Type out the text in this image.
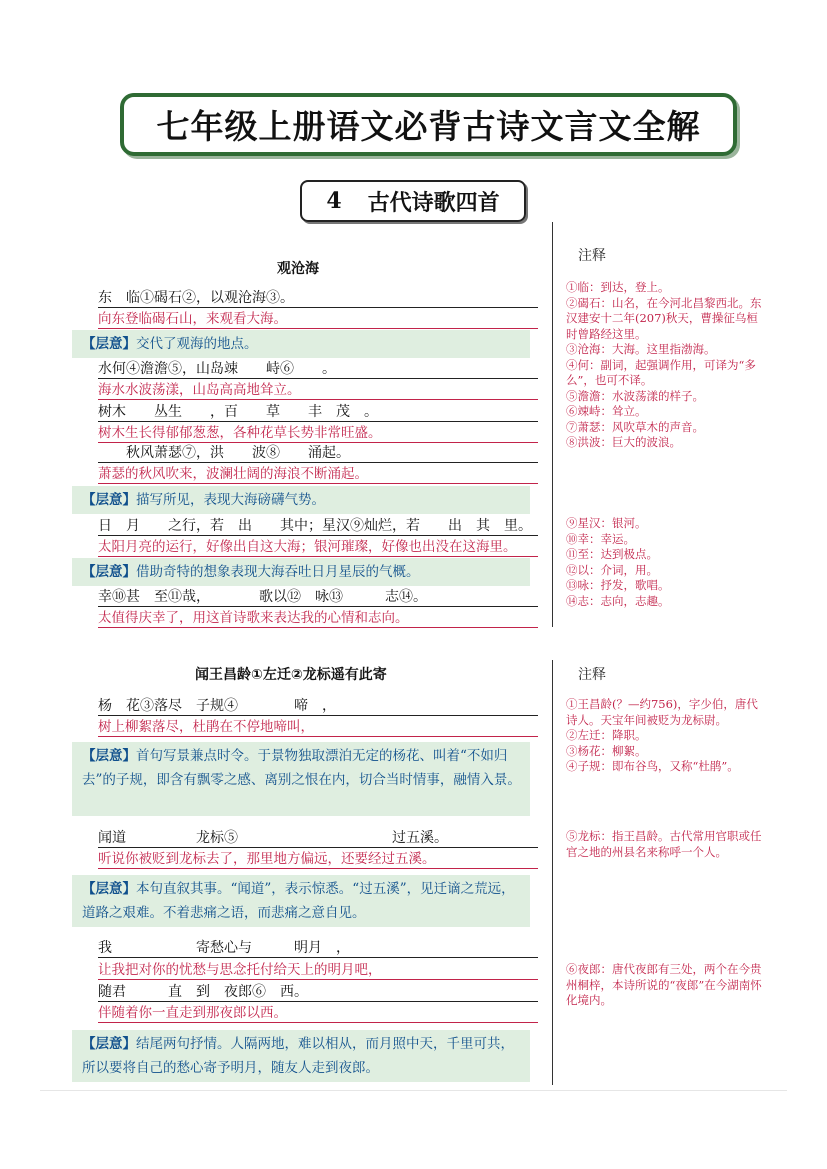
七年级上册语文必背古诗文言文全解
4 古代诗歌四首
观沧海
东　临①碣石②，以观沧海③。
向东登临碣石山，来观看大海。
【层意】交代了观海的地点。
水何④澹澹⑤，山岛竦　　峙⑥　　。
海水水波荡漾，山岛高高地耸立。
树木　　丛生　　，百　　草　　丰　茂　。
树木生长得郁郁葱葱，各种花草长势非常旺盛。
　　秋风萧瑟⑦，洪　　波⑧　　涌起。
萧瑟的秋风吹来，波澜壮阔的海浪不断涌起。
【层意】描写所见，表现大海磅礴气势。
日　月　　之行，若　出　　其中；星汉⑨灿烂，若　　出　其　里。
太阳月亮的运行，好像出自这大海；银河璀璨，好像也出没在这海里。
【层意】借助奇特的想象表现大海吞吐日月星辰的气概。
幸⑩甚　至⑪哉，　　　　歌以⑫　咏⑬　　　志⑭。
太值得庆幸了，用这首诗歌来表达我的心情和志向。
注释
①临：到达，登上。
②碣石：山名，在今河北昌黎西北。东汉建安十二年(207)秋天，曹操征乌桓时曾路经这里。
③沧海：大海。这里指渤海。
④何：副词，起强调作用，可译为“多么”，也可不译。
⑤澹澹：水波荡漾的样子。
⑥竦峙：耸立。
⑦萧瑟：风吹草木的声音。
⑧洪波：巨大的波浪。
⑨星汉：银河。
⑩幸：幸运。
⑪至：达到极点。
⑫以：介词，用。
⑬咏：抒发，歌唱。
⑭志：志向，志趣。
闻王昌龄①左迁②龙标遥有此寄
杨　花③落尽　子规④　　　　啼　，
树上柳絮落尽，杜鹃在不停地啼叫，
【层意】首句写景兼点时令。于景物独取漂泊无定的杨花、叫着“不如归去”的子规，即含有飘零之感、离别之恨在内，切合当时情事，融情入景。
闻道　　　　　龙标⑤　　　　　　　　　　　过五溪。
听说你被贬到龙标去了，那里地方偏远，还要经过五溪。
【层意】本句直叙其事。“闻道”，表示惊悉。“过五溪”，见迁谪之荒远，道路之艰难。不着悲痛之语，而悲痛之意自见。
我　　　　　　寄愁心与　　　明月　，
让我把对你的忧愁与思念托付给天上的明月吧，
随君　　　直　到　夜郎⑥　西。
伴随着你一直走到那夜郎以西。
【层意】结尾两句抒情。人隔两地，难以相从，而月照中天，千里可共，所以要将自己的愁心寄予明月，随友人走到夜郎。
注释
①王昌龄(？—约756)，字少伯，唐代诗人。天宝年间被贬为龙标尉。
②左迁：降职。
③杨花：柳絮。
④子规：即布谷鸟，又称“杜鹃”。
⑤龙标：指王昌龄。古代常用官职或任官之地的州县名来称呼一个人。
⑥夜郎：唐代夜郎有三处，两个在今贵州桐梓，本诗所说的“夜郎”在今湖南怀化境内。
